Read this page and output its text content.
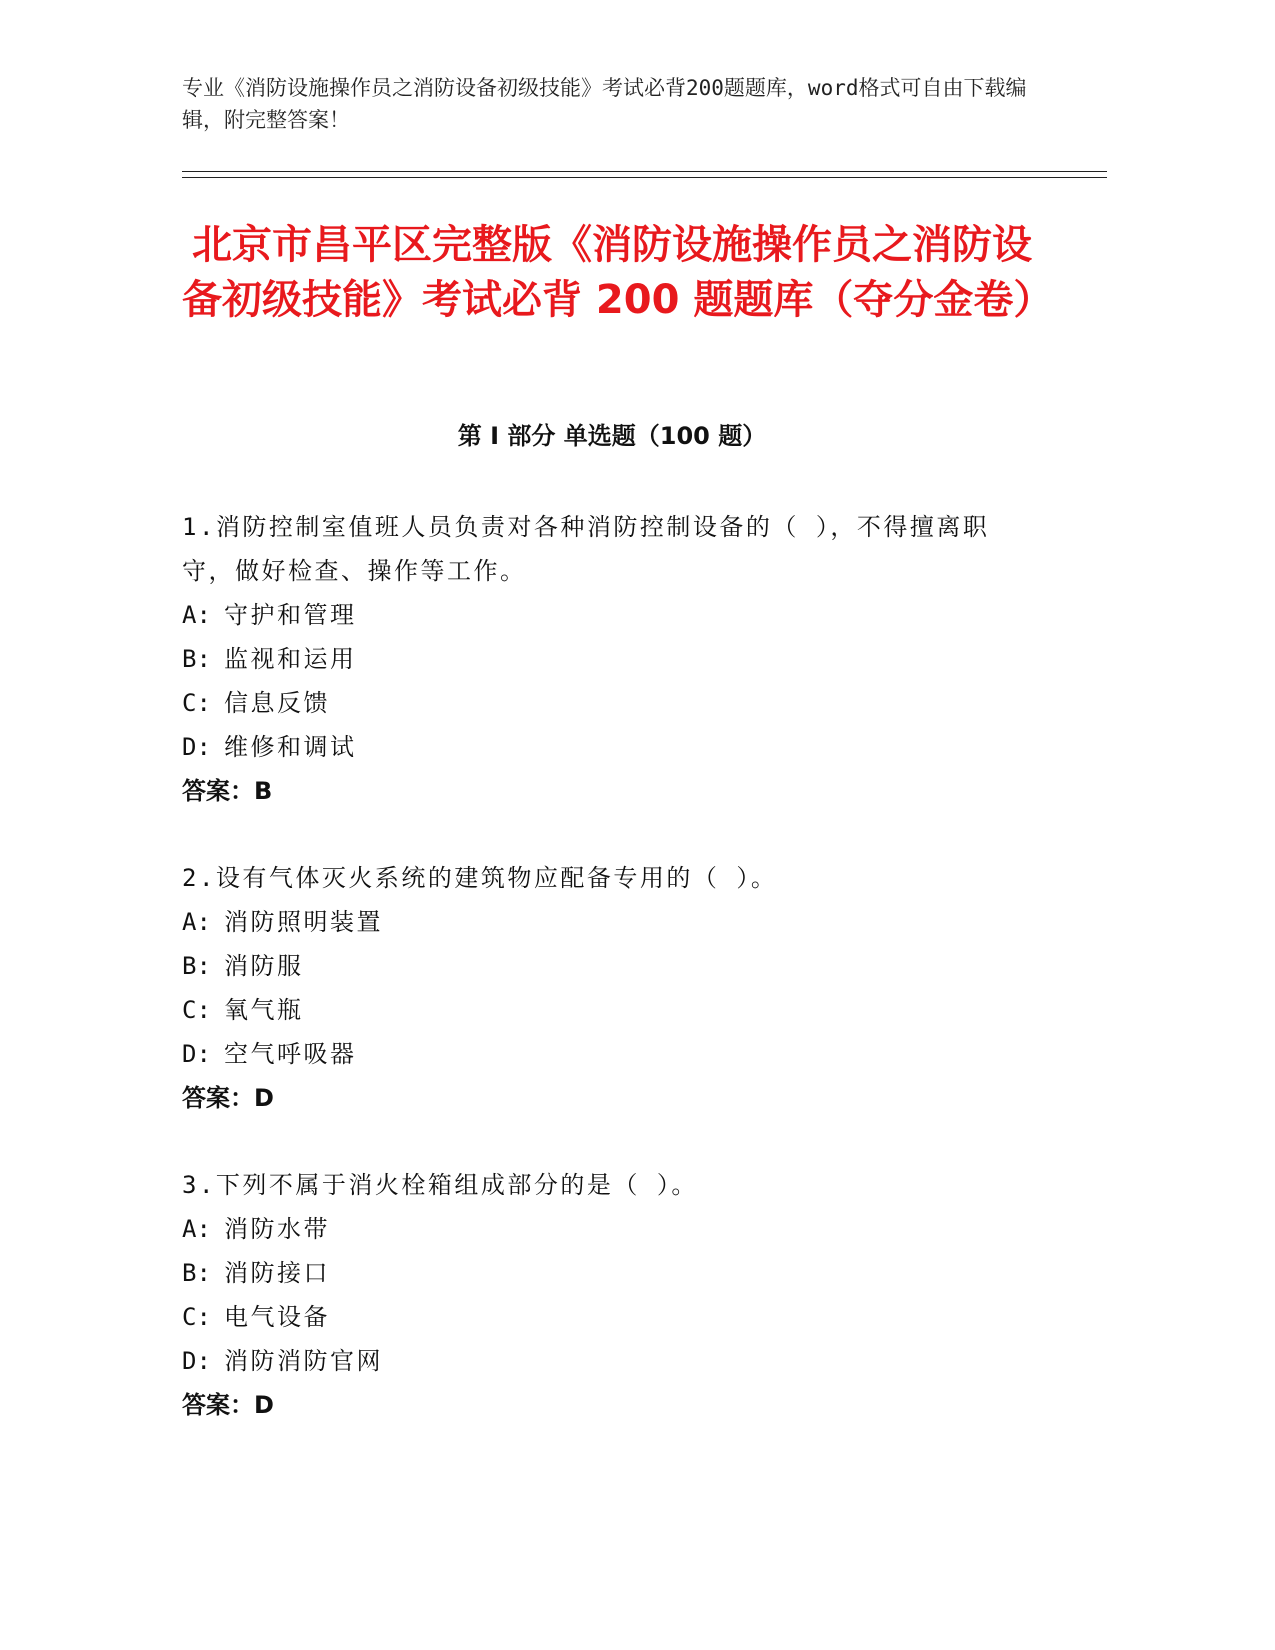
专业《消防设施操作员之消防设备初级技能》考试必背200题题库，word格式可自由下载编辑，附完整答案！
北京市昌平区完整版《消防设施操作员之消防设备初级技能》考试必背 200 题题库（夺分金卷）
第 I 部分 单选题（100 题）
1.消防控制室值班人员负责对各种消防控制设备的（ ），不得擅离职守，做好检查、操作等工作。
A: 守护和管理
B: 监视和运用
C: 信息反馈
D: 维修和调试
答案：B
2.设有气体灭火系统的建筑物应配备专用的（ ）。
A: 消防照明装置
B: 消防服
C: 氧气瓶
D: 空气呼吸器
答案：D
3.下列不属于消火栓箱组成部分的是（ ）。
A: 消防水带
B: 消防接口
C: 电气设备
D: 消防消防官网
答案：D
